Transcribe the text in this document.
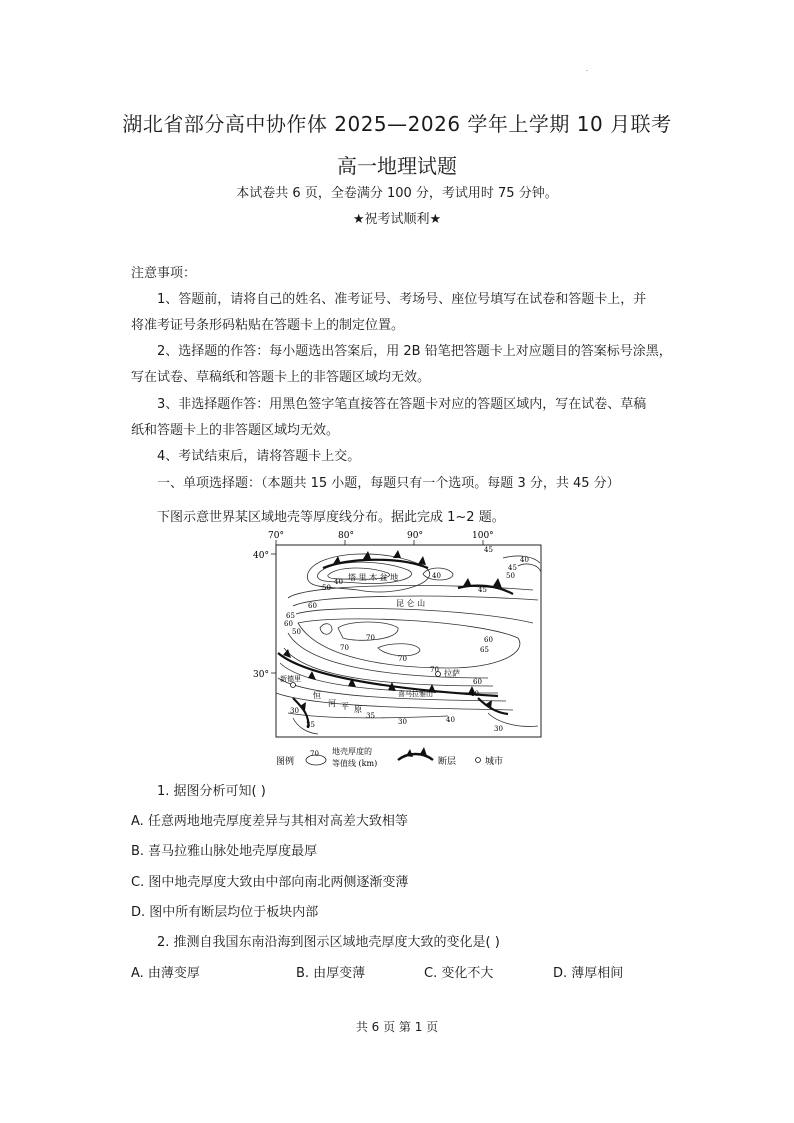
·
湖北省部分高中协作体 2025—2026 学年上学期 10 月联考
高一地理试题
本试卷共 6 页，全卷满分 100 分，考试用时 75 分钟。
★祝考试顺利★
注意事项：
1、答题前，请将自己的姓名、准考证号、考场号、座位号填写在试卷和答题卡上，并
将准考证号条形码粘贴在答题卡上的制定位置。
2、选择题的作答：每小题选出答案后，用 2B 铅笔把答题卡上对应题目的答案标号涂黑，
写在试卷、草稿纸和答题卡上的非答题区域均无效。
3、非选择题作答：用黑色签字笔直接答在答题卡对应的答题区域内，写在试卷、草稿
纸和答题卡上的非答题区域均无效。
4、考试结束后，请将答题卡上交。
一、单项选择题：（本题共 15 小题，每题只有一个选项。每题 3 分，共 45 分）
下图示意世界某区域地壳等厚度线分布。据此完成 1~2 题。
70°	80°	90°	100°
40°
30°
塔 里 木 盆 地
昆 仑 山
喜马拉雅山
恒
河 平 原
新德里
拉萨
45
40
50
60
45
40
70
65
60
50
70
70
60
65
70
40
45
50
60
30
40
35
30	40
30
35
图例
70 地壳厚度的
等值线 (km)	断层	城市
1. 据图分析可知( )
A. 任意两地地壳厚度差异与其相对高差大致相等
B. 喜马拉雅山脉处地壳厚度最厚
C. 图中地壳厚度大致由中部向南北两侧逐渐变薄
D. 图中所有断层均位于板块内部
2. 推测自我国东南沿海到图示区域地壳厚度大致的变化是( )
A. 由薄变厚	B. 由厚变薄	C. 变化不大	D. 薄厚相间
共 6 页 第 1 页
